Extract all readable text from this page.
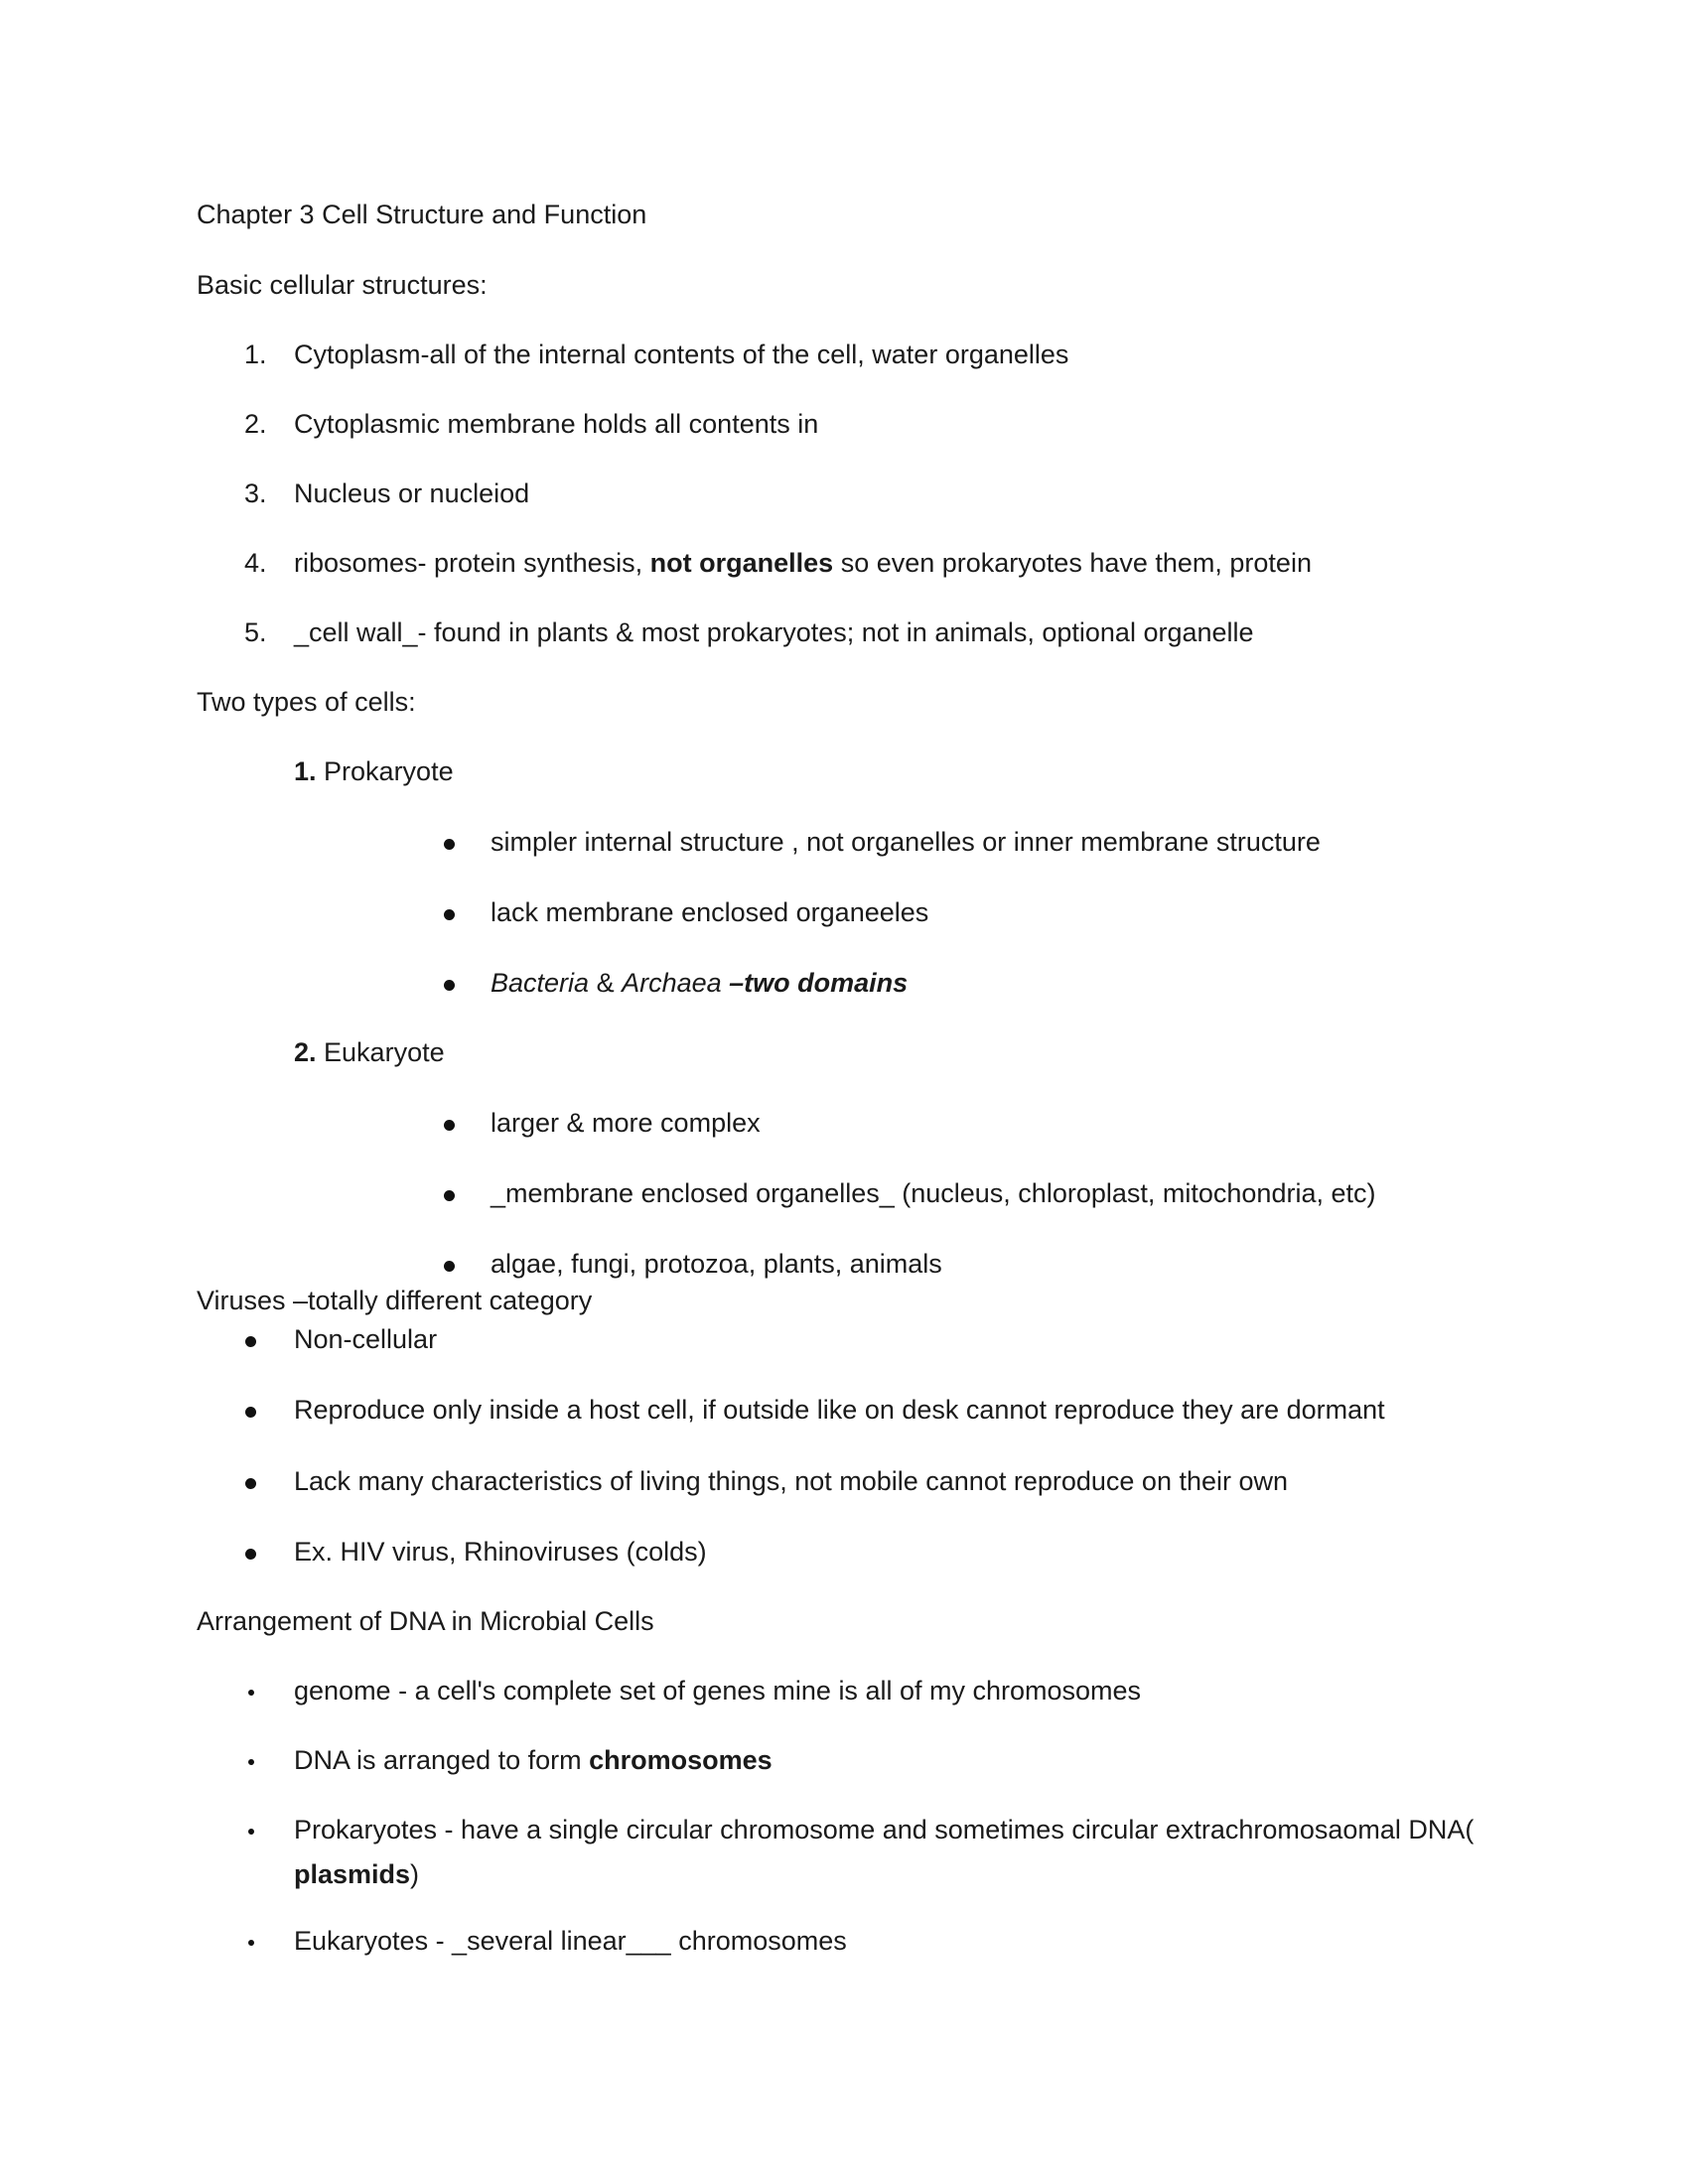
Chapter 3 Cell Structure and Function
Basic cellular structures:
1. Cytoplasm-all of the internal contents of the cell, water organelles
2. Cytoplasmic membrane holds all contents in
3. Nucleus or nucleiod
4. ribosomes- protein synthesis, not organelles so even prokaryotes have them, protein
5. _cell wall_- found in plants & most prokaryotes; not in animals, optional organelle
Two types of cells:
1. Prokaryote
simpler internal structure , not organelles or inner membrane structure
lack membrane enclosed organeeles
Bacteria & Archaea –two domains
2. Eukaryote
larger & more complex
_membrane enclosed organelles_ (nucleus, chloroplast, mitochondria, etc)
algae, fungi, protozoa, plants, animals
Viruses –totally different category
Non-cellular
Reproduce only inside a host cell, if outside like on desk cannot reproduce they are dormant
Lack many characteristics of living things, not mobile cannot reproduce on their own
Ex. HIV virus, Rhinoviruses (colds)
Arrangement of DNA in Microbial Cells
genome - a cell's complete set of genes mine is all of my chromosomes
DNA is arranged to form chromosomes
Prokaryotes - have a single circular chromosome and sometimes circular extrachromosaomal DNA(
plasmids)
Eukaryotes - _several linear___ chromosomes
